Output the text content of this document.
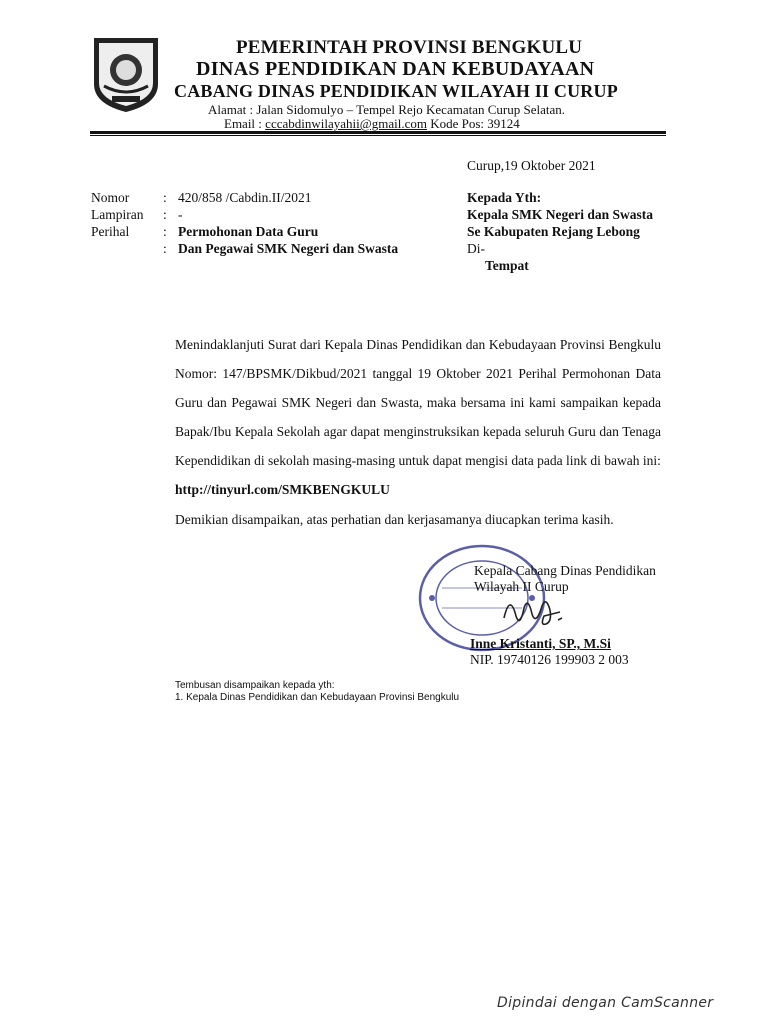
PEMERINTAH PROVINSI BENGKULU
DINAS PENDIDIKAN DAN KEBUDAYAAN
CABANG DINAS PENDIDIKAN WILAYAH II CURUP
Alamat : Jalan Sidomulyo – Tempel Rejo Kecamatan Curup Selatan.
Email : cccabdinwilayahii@gmail.com Kode Pos: 39124
Curup,19 Oktober 2021
Nomor	: 420/858 /Cabdin.II/2021
Lampiran : -
Perihal	: Permohonan Data Guru
: Dan Pegawai SMK Negeri dan Swasta
Kepada Yth:
Kepala SMK Negeri dan Swasta
Se Kabupaten Rejang Lebong
Di-
Tempat

Menindaklanjuti Surat dari Kepala Dinas Pendidikan dan Kebudayaan Provinsi Bengkulu Nomor: 147/BPSMK/Dikbud/2021 tanggal 19 Oktober 2021 Perihal Permohonan Data Guru dan Pegawai SMK Negeri dan Swasta, maka bersama ini kami sampaikan kepada Bapak/Ibu Kepala Sekolah agar dapat menginstruksikan kepada seluruh Guru dan Tenaga Kependidikan di sekolah masing-masing untuk dapat mengisi data pada link di bawah ini:

http://tinyurl.com/SMKBENGKULU

Demikian disampaikan, atas perhatian dan kerjasamanya diucapkan terima kasih.
Kepala Cabang Dinas Pendidikan
Wilayah II Curup
Inne Kristanti, SP., M.Si
NIP. 19740126 199903 2 003
Tembusan disampaikan kepada yth:
1. Kepala Dinas Pendidikan dan Kebudayaan Provinsi Bengkulu
Dipindai dengan CamScanner
